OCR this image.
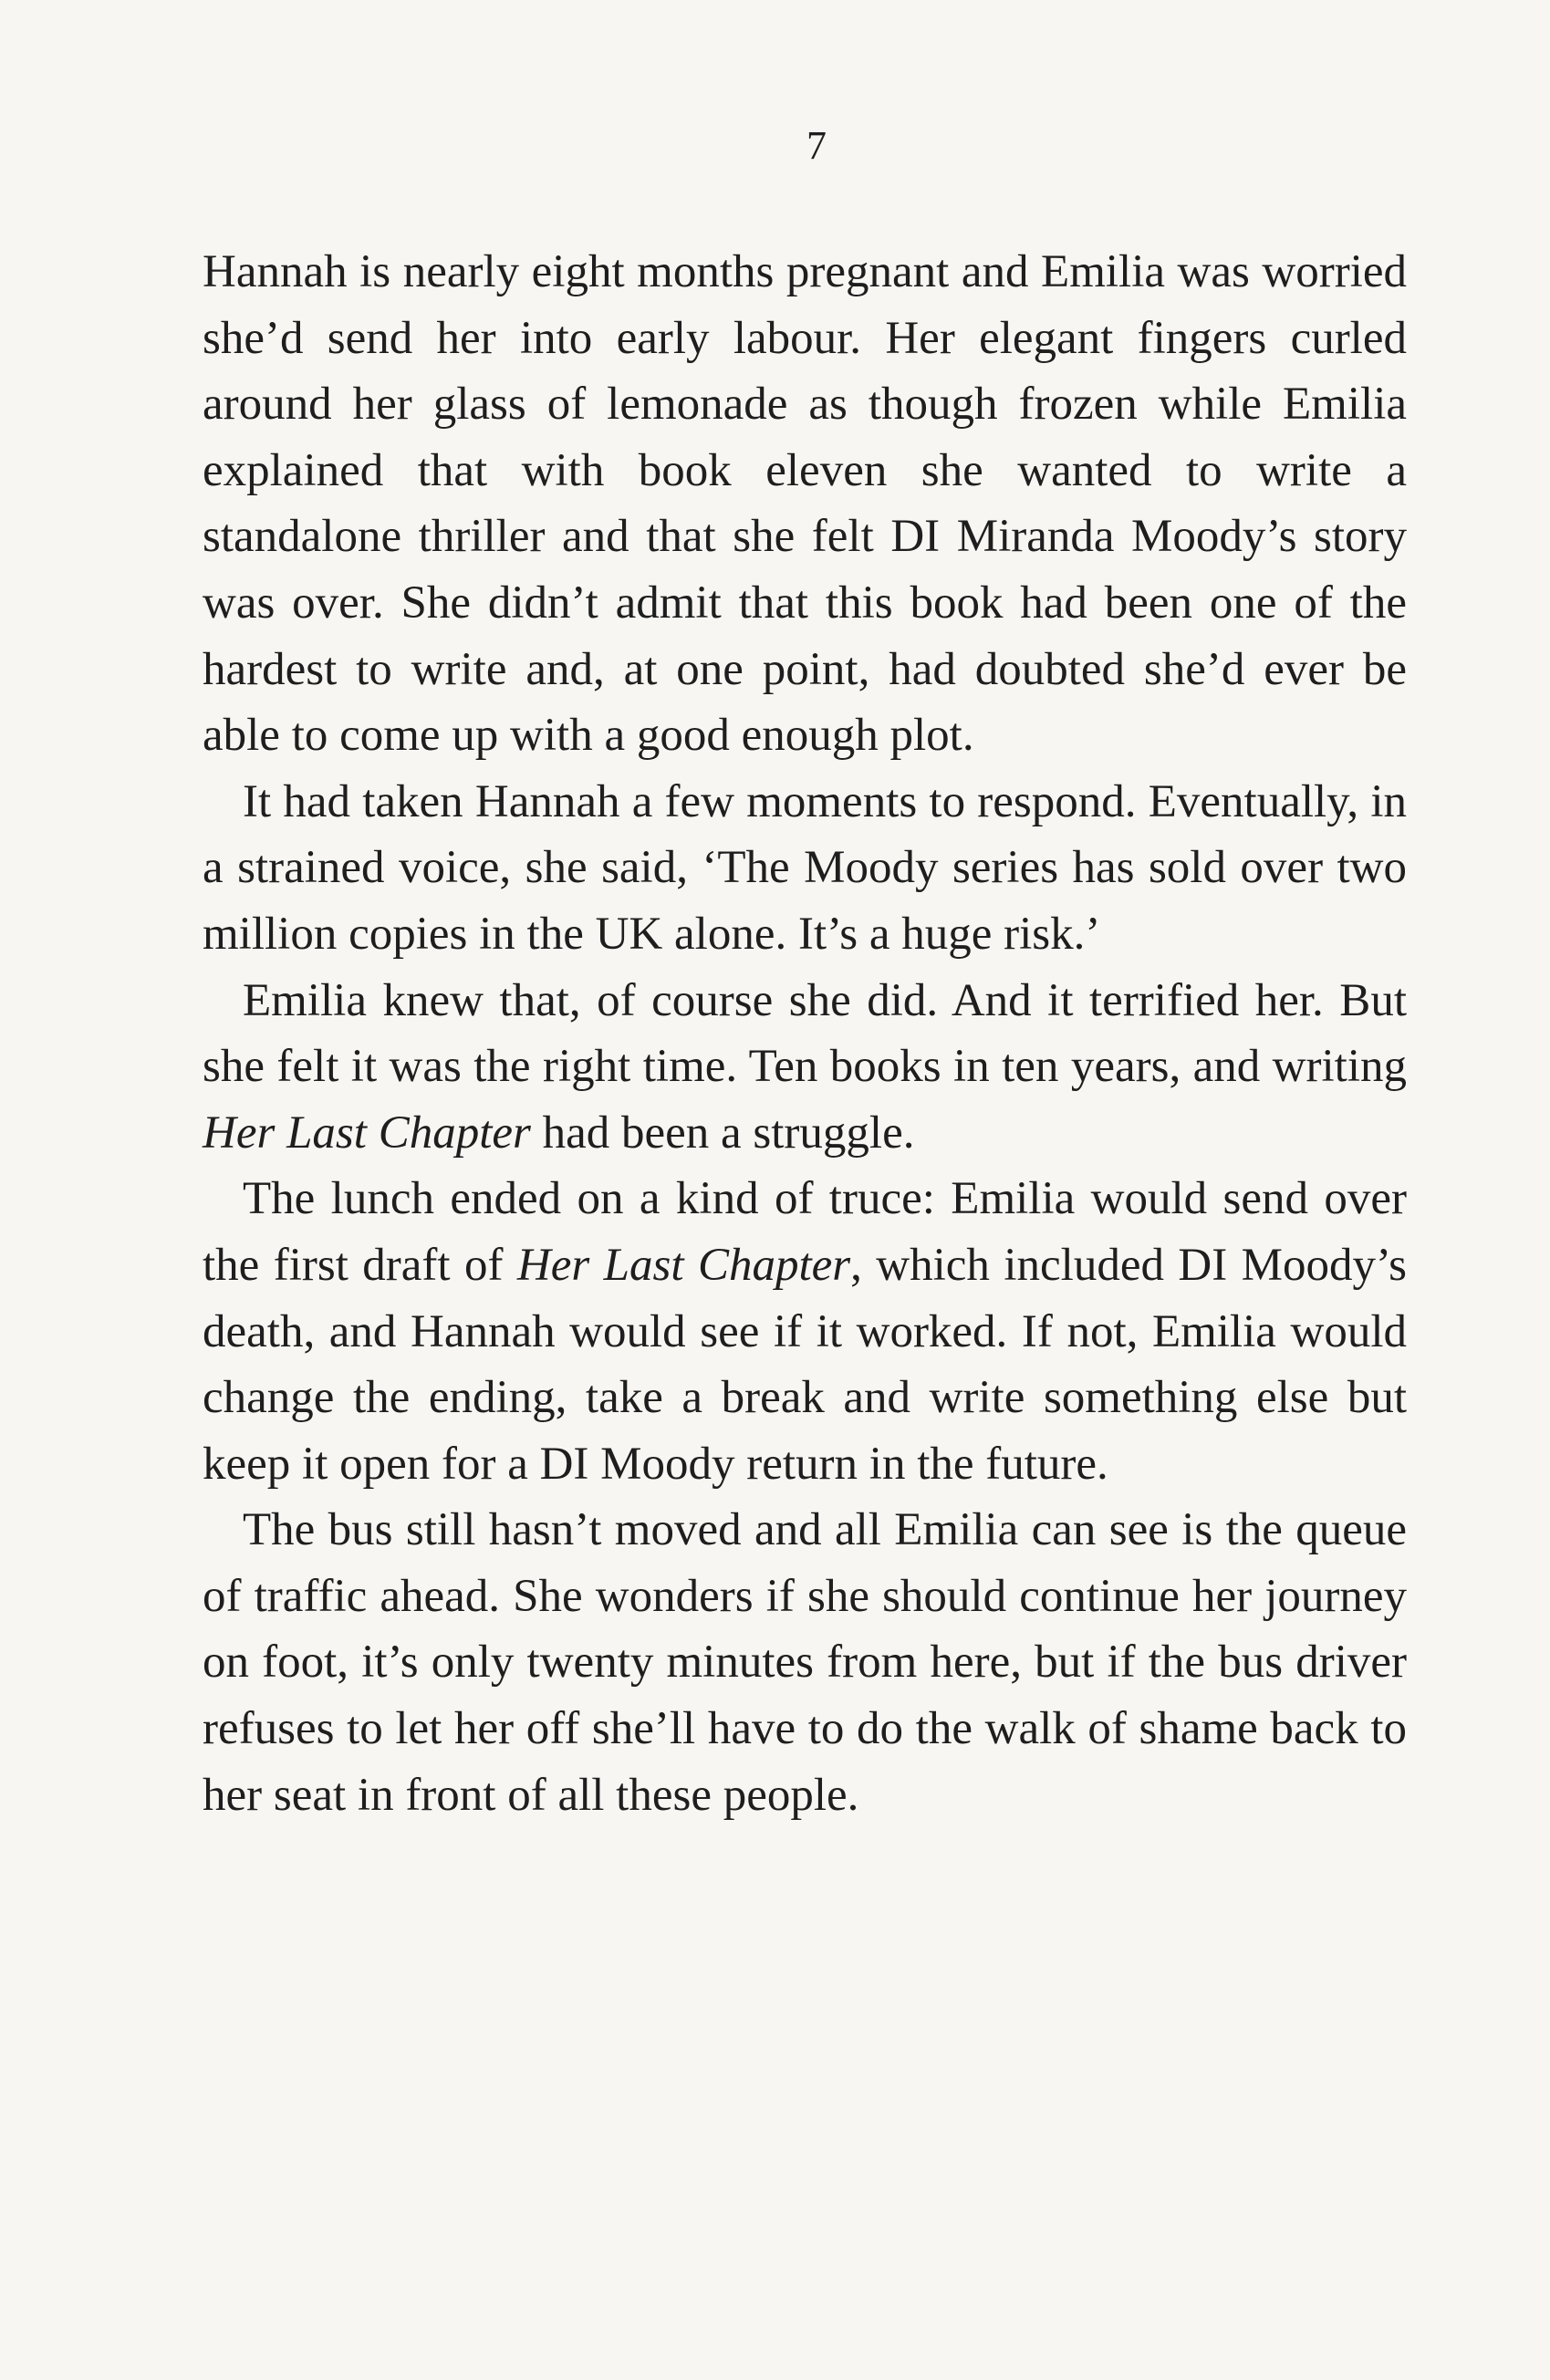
7

Hannah is nearly eight months pregnant and Emilia was worried she’d send her into early labour. Her elegant fingers curled around her glass of lemonade as though frozen while Emilia explained that with book eleven she wanted to write a standalone thriller and that she felt DI Miranda Moody’s story was over. She didn’t admit that this book had been one of the hardest to write and, at one point, had doubted she’d ever be able to come up with a good enough plot.

It had taken Hannah a few moments to respond. Eventually, in a strained voice, she said, ‘The Moody series has sold over two million copies in the UK alone. It’s a huge risk.’

Emilia knew that, of course she did. And it terrified her. But she felt it was the right time. Ten books in ten years, and writing Her Last Chapter had been a struggle.

The lunch ended on a kind of truce: Emilia would send over the first draft of Her Last Chapter, which included DI Moody’s death, and Hannah would see if it worked. If not, Emilia would change the ending, take a break and write something else but keep it open for a DI Moody return in the future.

The bus still hasn’t moved and all Emilia can see is the queue of traffic ahead. She wonders if she should continue her journey on foot, it’s only twenty minutes from here, but if the bus driver refuses to let her off she’ll have to do the walk of shame back to her seat in front of all these people.
